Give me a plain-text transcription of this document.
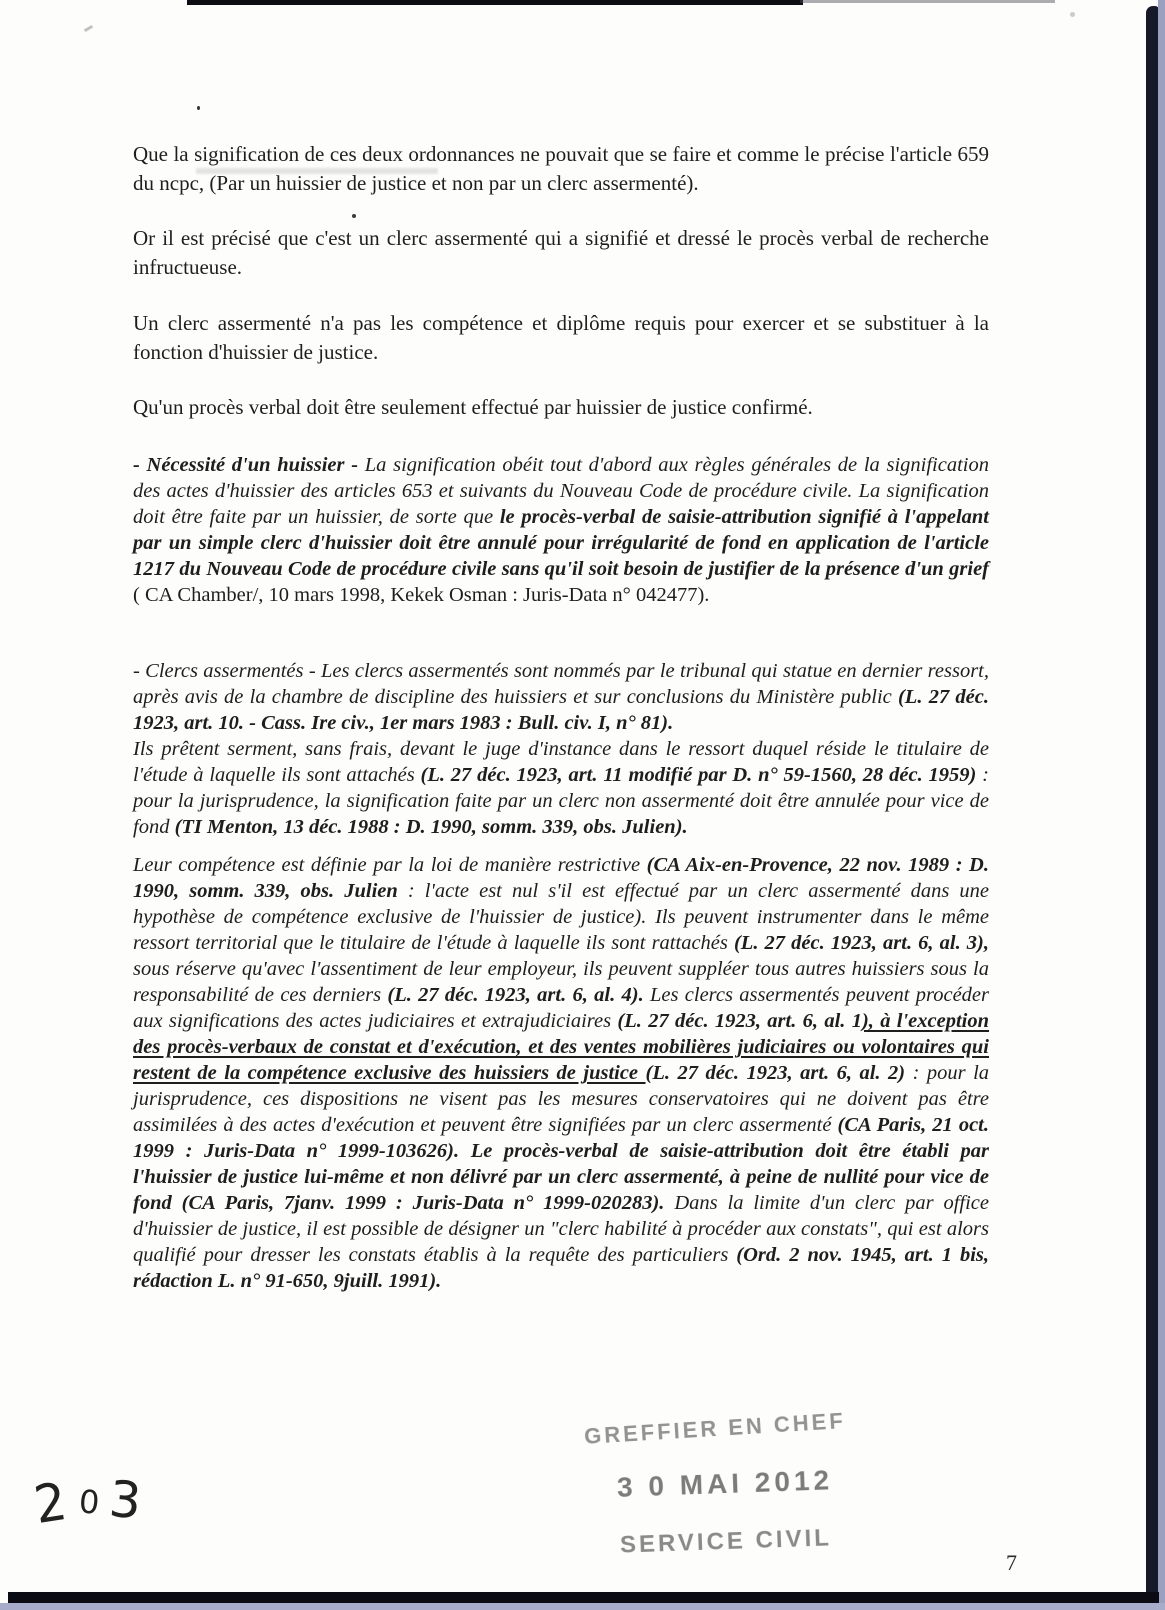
Que la signification de ces deux ordonnances ne pouvait que se faire et comme le précise l'article 659 du ncpc, (Par un huissier de justice et non par un clerc assermenté).

Or il est précisé que c'est un clerc assermenté qui a signifié et dressé le procès verbal de recherche infructueuse.

Un clerc assermenté n'a pas les compétence et diplôme requis pour exercer et se substituer à la fonction d'huissier de justice.

Qu'un procès verbal doit être seulement effectué par huissier de justice confirmé.

- Nécessité d'un huissier - La signification obéit tout d'abord aux règles générales de la signification des actes d'huissier des articles 653 et suivants du Nouveau Code de procédure civile. La signification doit être faite par un huissier, de sorte que le procès-verbal de saisie-attribution signifié à l'appelant par un simple clerc d'huissier doit être annulé pour irrégularité de fond en application de l'article 1217 du Nouveau Code de procédure civile sans qu'il soit besoin de justifier de la présence d'un grief ( CA Chamber/, 10 mars 1998, Kekek Osman : Juris-Data n° 042477).

- Clercs assermentés - Les clercs assermentés sont nommés par le tribunal qui statue en dernier ressort, après avis de la chambre de discipline des huissiers et sur conclusions du Ministère public (L. 27 déc. 1923, art. 10. - Cass. Ire civ., 1er mars 1983 : Bull. civ. I, n° 81).

Ils prêtent serment, sans frais, devant le juge d'instance dans le ressort duquel réside le titulaire de l'étude à laquelle ils sont attachés (L. 27 déc. 1923, art. 11 modifié par D. n° 59-1560, 28 déc. 1959) : pour la jurisprudence, la signification faite par un clerc non assermenté doit être annulée pour vice de fond (TI Menton, 13 déc. 1988 : D. 1990, somm. 339, obs. Julien).

Leur compétence est définie par la loi de manière restrictive (CA Aix-en-Provence, 22 nov. 1989 : D. 1990, somm. 339, obs. Julien : l'acte est nul s'il est effectué par un clerc assermenté dans une hypothèse de compétence exclusive de l'huissier de justice). Ils peuvent instrumenter dans le même ressort territorial que le titulaire de l'étude à laquelle ils sont rattachés (L. 27 déc. 1923, art. 6, al. 3), sous réserve qu'avec l'assentiment de leur employeur, ils peuvent suppléer tous autres huissiers sous la responsabilité de ces derniers (L. 27 déc. 1923, art. 6, al. 4). Les clercs assermentés peuvent procéder aux significations des actes judiciaires et extrajudiciaires (L. 27 déc. 1923, art. 6, al. 1), à l'exception des procès-verbaux de constat et d'exécution, et des ventes mobilières judiciaires ou volontaires qui restent de la compétence exclusive des huissiers de justice (L. 27 déc. 1923, art. 6, al. 2) : pour la jurisprudence, ces dispositions ne visent pas les mesures conservatoires qui ne doivent pas être assimilées à des actes d'exécution et peuvent être signifiées par un clerc assermenté (CA Paris, 21 oct. 1999 : Juris-Data n° 1999-103626). Le procès-verbal de saisie-attribution doit être établi par l'huissier de justice lui-même et non délivré par un clerc assermenté, à peine de nullité pour vice de fond (CA Paris, 7janv. 1999 : Juris-Data n° 1999-020283). Dans la limite d'un clerc par office d'huissier de justice, il est possible de désigner un "clerc habilité à procéder aux constats", qui est alors qualifié pour dresser les constats établis à la requête des particuliers (Ord. 2 nov. 1945, art. 1 bis, rédaction L. n° 91-650, 9juill. 1991).

GREFFIER EN CHEF
3 0 MAI 2012
SERVICE CIVIL
2 0 3
7
